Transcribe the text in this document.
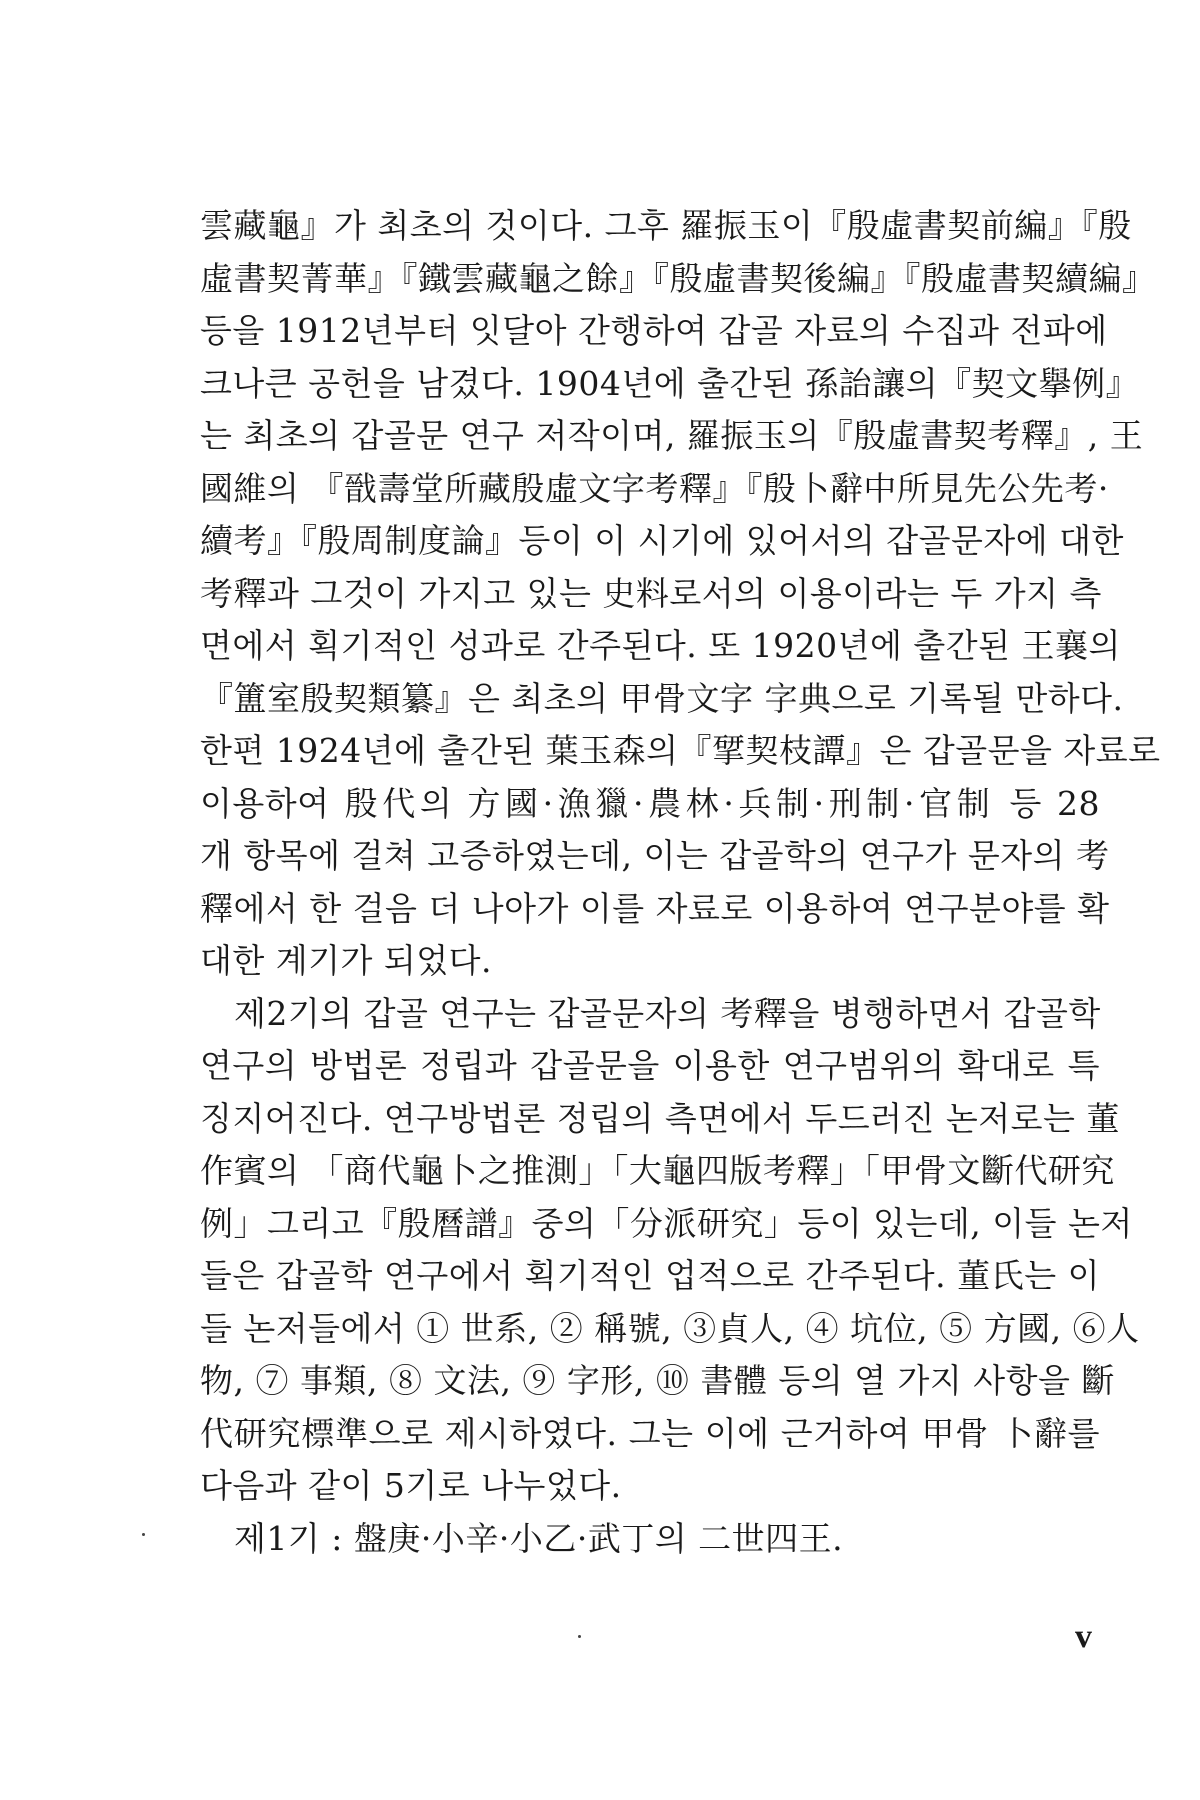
雲藏龜』가 최초의 것이다. 그후 羅振玉이『殷虛書契前編』『殷
虛書契菁華』『鐵雲藏龜之餘』『殷虛書契後編』『殷虛書契續編』
등을 1912년부터 잇달아 간행하여 갑골 자료의 수집과 전파에
크나큰 공헌을 남겼다. 1904년에 출간된 孫詒讓의『契文擧例』
는 최초의 갑골문 연구 저작이며, 羅振玉의『殷虛書契考釋』, 王
國維의 『戩壽堂所藏殷虛文字考釋』『殷卜辭中所見先公先考·
續考』『殷周制度論』등이 이 시기에 있어서의 갑골문자에 대한
考釋과 그것이 가지고 있는 史料로서의 이용이라는 두 가지 측
면에서 획기적인 성과로 간주된다. 또 1920년에 출간된 王襄의
『簠室殷契類纂』은 최초의 甲骨文字 字典으로 기록될 만하다.
한편 1924년에 출간된 葉玉森의『揅契枝譚』은 갑골문을 자료로
이용하여 殷代의 方國·漁獵·農林·兵制·刑制·官制 등 28
개 항목에 걸쳐 고증하였는데, 이는 갑골학의 연구가 문자의 考
釋에서 한 걸음 더 나아가 이를 자료로 이용하여 연구분야를 확
대한 계기가 되었다.
제2기의 갑골 연구는 갑골문자의 考釋을 병행하면서 갑골학
연구의 방법론 정립과 갑골문을 이용한 연구범위의 확대로 특
징지어진다. 연구방법론 정립의 측면에서 두드러진 논저로는 董
作賓의 「商代龜卜之推測」「大龜四版考釋」「甲骨文斷代研究
例」그리고『殷曆譜』중의「分派研究」등이 있는데, 이들 논저
들은 갑골학 연구에서 획기적인 업적으로 간주된다. 董氏는 이
들 논저들에서 ① 世系, ② 稱號, ③貞人, ④ 坑位, ⑤ 方國, ⑥人
物, ⑦ 事類, ⑧ 文法, ⑨ 字形, ⑩ 書體 등의 열 가지 사항을 斷
代研究標準으로 제시하였다. 그는 이에 근거하여 甲骨 卜辭를
다음과 같이 5기로 나누었다.
제1기 : 盤庚·小辛·小乙·武丁의 二世四王.
v
